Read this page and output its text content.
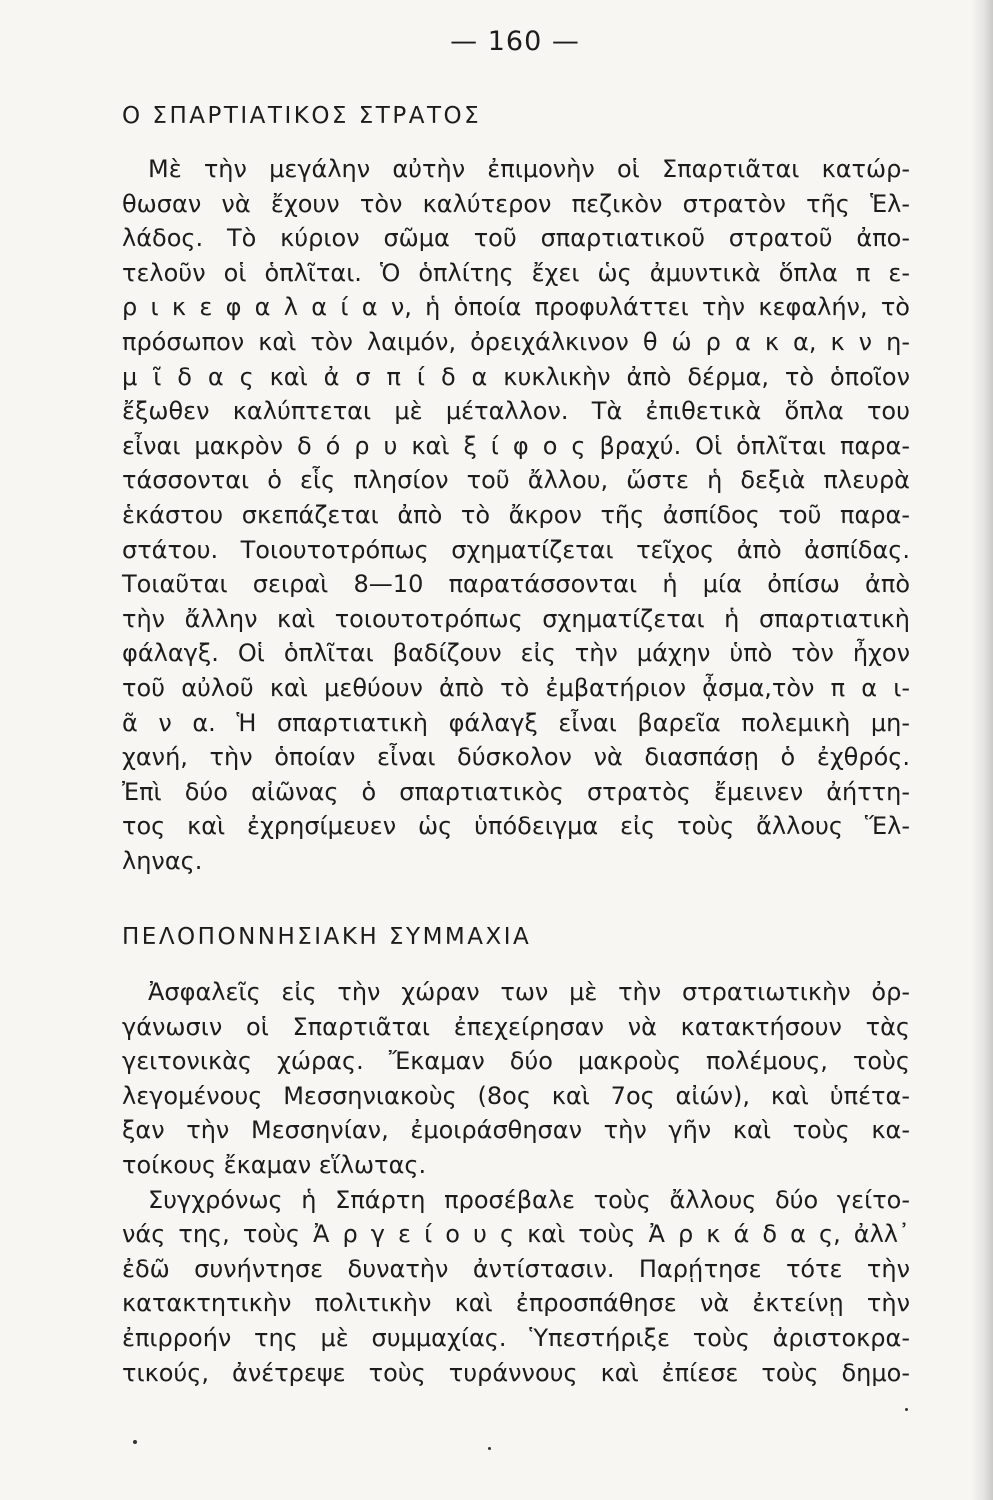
— 160 —
Ο ΣΠΑΡΤΙΑΤΙΚΟΣ ΣΤΡΑΤΟΣ
Μὲ τὴν μεγάλην αὐτὴν ἐπιμονὴν οἱ Σπαρτιᾶται κατώρ-
θωσαν νὰ ἔχουν τὸν καλύτερον πεζικὸν στρατὸν τῆς Ἑλ-
λάδος. Τὸ κύριον σῶμα τοῦ σπαρτιατικοῦ στρατοῦ ἀπο-
τελοῦν οἱ ὁπλῖται. Ὁ ὁπλίτης ἔχει ὡς ἀμυντικὰ ὅπλα π ε-
ρ ι κ ε φ α λ α ί α ν, ἡ ὁποία προφυλάττει τὴν κεφαλήν, τὸ
πρόσωπον καὶ τὸν λαιμόν, ὀρειχάλκινον θ ώ ρ α κ α, κ ν η-
μ ῖ δ α ς καὶ ἀ σ π ί δ α κυκλικὴν ἀπὸ δέρμα, τὸ ὁποῖον
ἔξωθεν καλύπτεται μὲ μέταλλον. Τὰ ἐπιθετικὰ ὅπλα του
εἶναι μακρὸν δ ό ρ υ καὶ ξ ί φ ο ς βραχύ. Οἱ ὁπλῖται παρα-
τάσσονται ὁ εἷς πλησίον τοῦ ἄλλου, ὥστε ἡ δεξιὰ πλευρὰ
ἑκάστου σκεπάζεται ἀπὸ τὸ ἄκρον τῆς ἀσπίδος τοῦ παρα-
στάτου. Τοιουτοτρόπως σχηματίζεται τεῖχος ἀπὸ ἀσπίδας.
Τοιαῦται σειραὶ 8—10 παρατάσσονται ἡ μία ὀπίσω ἀπὸ
τὴν ἄλλην καὶ τοιουτοτρόπως σχηματίζεται ἡ σπαρτιατικὴ
φάλαγξ. Οἱ ὁπλῖται βαδίζουν εἰς τὴν μάχην ὑπὸ τὸν ἦχον
τοῦ αὐλοῦ καὶ μεθύουν ἀπὸ τὸ ἐμβατήριον ᾆσμα,τὸν π α ι-
ᾶ ν α. Ἡ σπαρτιατικὴ φάλαγξ εἶναι βαρεῖα πολεμικὴ μη-
χανή, τὴν ὁποίαν εἶναι δύσκολον νὰ διασπάσῃ ὁ ἐχθρός.
Ἐπὶ δύο αἰῶνας ὁ σπαρτιατικὸς στρατὸς ἔμεινεν ἀήττη-
τος καὶ ἐχρησίμευεν ὡς ὑπόδειγμα εἰς τοὺς ἄλλους Ἕλ-
ληνας.
ΠΕΛΟΠΟΝΝΗΣΙΑΚΗ ΣΥΜΜΑΧΙΑ
Ἀσφαλεῖς εἰς τὴν χώραν των μὲ τὴν στρατιωτικὴν ὀρ-
γάνωσιν οἱ Σπαρτιᾶται ἐπεχείρησαν νὰ κατακτήσουν τὰς
γειτονικὰς χώρας. Ἔκαμαν δύο μακροὺς πολέμους, τοὺς
λεγομένους Μεσσηνιακοὺς (8ος καὶ 7ος αἰών), καὶ ὑπέτα-
ξαν τὴν Μεσσηνίαν, ἐμοιράσθησαν τὴν γῆν καὶ τοὺς κα-
τοίκους ἔκαμαν εἵλωτας.
Συγχρόνως ἡ Σπάρτη προσέβαλε τοὺς ἄλλους δύο γείτο-
νάς της, τοὺς Ἀ ρ γ ε ί ο υ ς καὶ τοὺς Ἀ ρ κ ά δ α ς, ἀλλ᾿
ἐδῶ συνήντησε δυνατὴν ἀντίστασιν. Παρῄτησε τότε τὴν
κατακτητικὴν πολιτικὴν καὶ ἐπροσπάθησε νὰ ἐκτείνῃ τὴν
ἐπιρροήν της μὲ συμμαχίας. Ὑπεστήριξε τοὺς ἀριστοκρα-
τικούς, ἀνέτρεψε τοὺς τυράννους καὶ ἐπίεσε τοὺς δημο-
